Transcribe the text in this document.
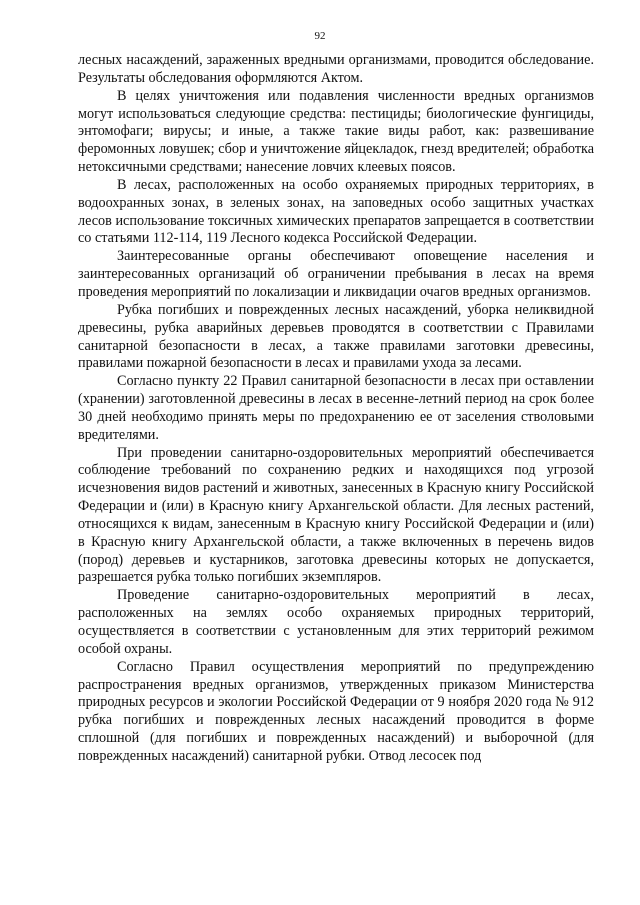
92

лесных насаждений, зараженных вредными организмами, проводится обследование. Результаты обследования оформляются Актом.

В целях уничтожения или подавления численности вредных организмов могут использоваться следующие средства: пестициды; биологические фунгициды, энтомофаги; вирусы; и иные, а также такие виды работ, как: развешивание феромонных ловушек; сбор и уничтожение яйцекладок, гнезд вредителей; обработка нетоксичными средствами; нанесение ловчих клеевых поясов.

В лесах, расположенных на особо охраняемых природных территориях, в водоохранных зонах, в зеленых зонах, на заповедных особо защитных участках лесов использование токсичных химических препаратов запрещается в соответствии со статьями 112-114, 119 Лесного кодекса Российской Федерации.

Заинтересованные органы обеспечивают оповещение населения и заинтересованных организаций об ограничении пребывания в лесах на время проведения мероприятий по локализации и ликвидации очагов вредных организмов.

Рубка погибших и поврежденных лесных насаждений, уборка неликвидной древесины, рубка аварийных деревьев проводятся в соответствии с Правилами санитарной безопасности в лесах, а также правилами заготовки древесины, правилами пожарной безопасности в лесах и правилами ухода за лесами.

Согласно пункту 22 Правил санитарной безопасности в лесах при оставлении (хранении) заготовленной древесины в лесах в весенне-летний период на срок более 30 дней необходимо принять меры по предохранению ее от заселения стволовыми вредителями.

При проведении санитарно-оздоровительных мероприятий обеспечивается соблюдение требований по сохранению редких и находящихся под угрозой исчезновения видов растений и животных, занесенных в Красную книгу Российской Федерации и (или) в Красную книгу Архангельской области. Для лесных растений, относящихся к видам, занесенным в Красную книгу Российской Федерации и (или) в Красную книгу Архангельской области, а также включенных в перечень видов (пород) деревьев и кустарников, заготовка древесины которых не допускается, разрешается рубка только погибших экземпляров.

Проведение санитарно-оздоровительных мероприятий в лесах, расположенных на землях особо охраняемых природных территорий, осуществляется в соответствии с установленным для этих территорий режимом особой охраны.

Согласно Правил осуществления мероприятий по предупреждению распространения вредных организмов, утвержденных приказом Министерства природных ресурсов и экологии Российской Федерации от 9 ноября 2020 года № 912 рубка погибших и поврежденных лесных насаждений проводится в форме сплошной (для погибших и поврежденных насаждений) и выборочной (для поврежденных насаждений) санитарной рубки. Отвод лесосек под
